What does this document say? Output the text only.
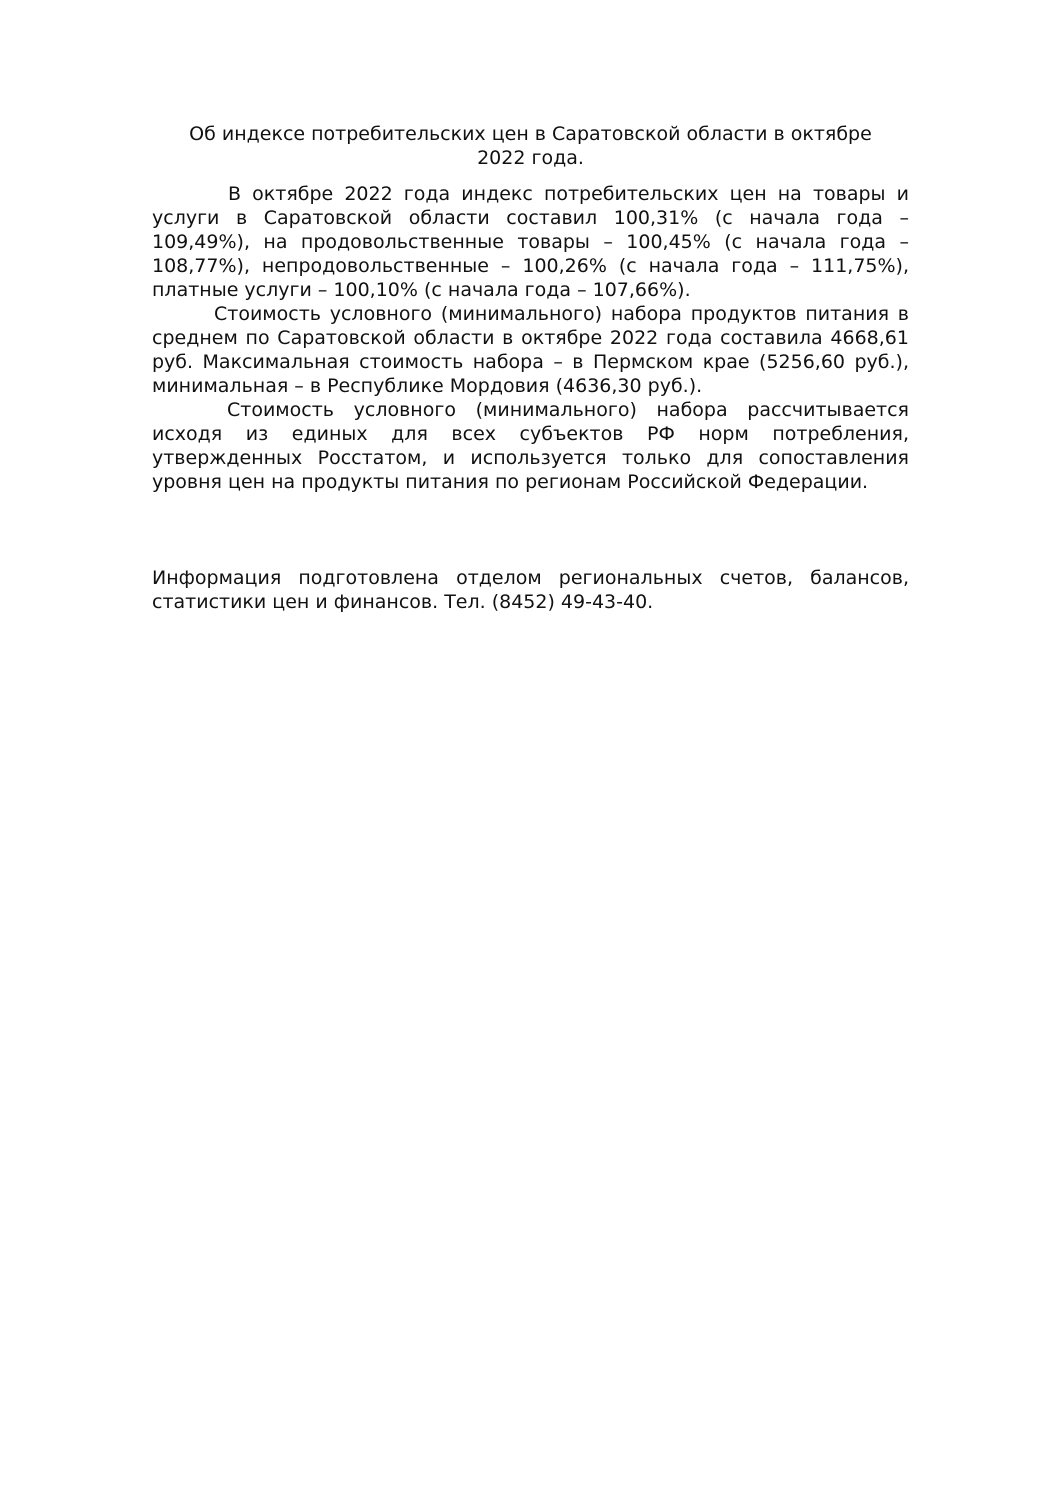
Об индексе потребительских цен в Саратовской области в октябре 2022 года.

В октябре 2022 года индекс потребительских цен на товары и услуги в Саратовской области составил 100,31% (с начала года – 109,49%), на продовольственные товары – 100,45% (с начала года – 108,77%), непродовольственные – 100,26% (с начала года – 111,75%), платные услуги – 100,10% (с начала года – 107,66%).

Стоимость условного (минимального) набора продуктов питания в среднем по Саратовской области в октябре 2022 года составила 4668,61 руб. Максимальная стоимость набора – в Пермском крае (5256,60 руб.), минимальная – в Республике Мордовия (4636,30 руб.).

Стоимость условного (минимального) набора рассчитывается исходя из единых для всех субъектов РФ норм потребления, утвержденных Росстатом, и используется только для сопоставления уровня цен на продукты питания по регионам Российской Федерации.

Информация подготовлена отделом региональных счетов, балансов, статистики цен и финансов. Тел. (8452) 49-43-40.
